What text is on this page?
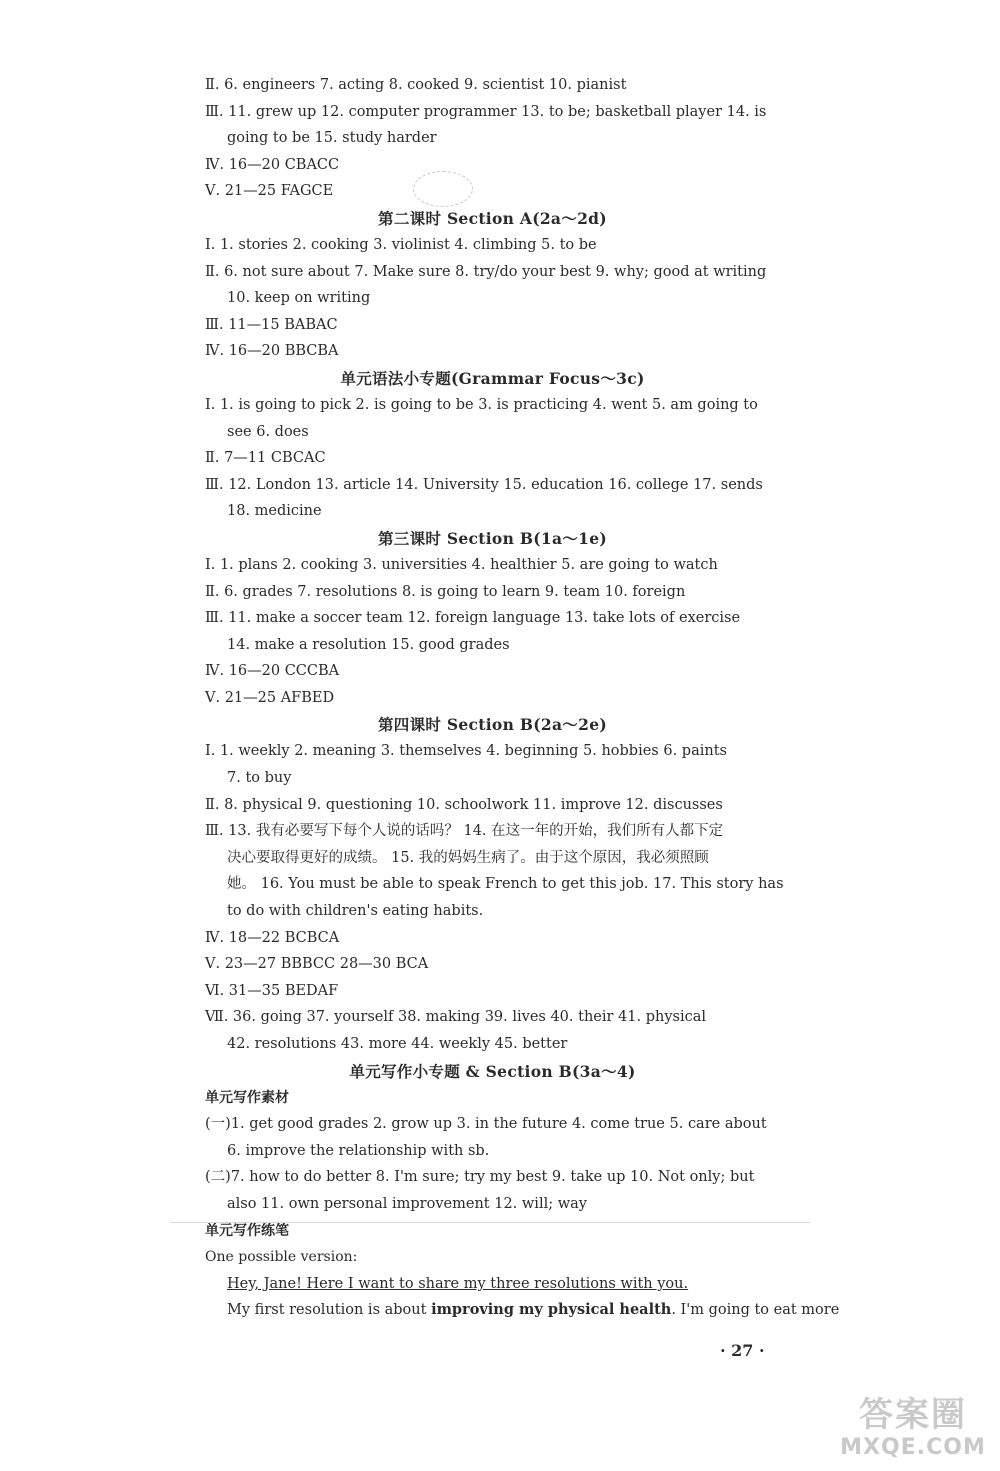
Ⅱ. 6. engineers 7. acting 8. cooked 9. scientist 10. pianist
Ⅲ. 11. grew up 12. computer programmer 13. to be; basketball player 14. is
going to be 15. study harder
Ⅳ. 16—20 CBACC
Ⅴ. 21—25 FAGCE
第二课时 Section A(2a～2d)
Ⅰ. 1. stories 2. cooking 3. violinist 4. climbing 5. to be
Ⅱ. 6. not sure about 7. Make sure 8. try/do your best 9. why; good at writing
10. keep on writing
Ⅲ. 11—15 BABAC
Ⅳ. 16—20 BBCBA
单元语法小专题(Grammar Focus～3c)
Ⅰ. 1. is going to pick 2. is going to be 3. is practicing 4. went 5. am going to
see 6. does
Ⅱ. 7—11 CBCAC
Ⅲ. 12. London 13. article 14. University 15. education 16. college 17. sends
18. medicine
第三课时 Section B(1a～1e)
Ⅰ. 1. plans 2. cooking 3. universities 4. healthier 5. are going to watch
Ⅱ. 6. grades 7. resolutions 8. is going to learn 9. team 10. foreign
Ⅲ. 11. make a soccer team 12. foreign language 13. take lots of exercise
14. make a resolution 15. good grades
Ⅳ. 16—20 CCCBA
Ⅴ. 21—25 AFBED
第四课时 Section B(2a～2e)
Ⅰ. 1. weekly 2. meaning 3. themselves 4. beginning 5. hobbies 6. paints
7. to buy
Ⅱ. 8. physical 9. questioning 10. schoolwork 11. improve 12. discusses
Ⅲ. 13. 我有必要写下每个人说的话吗？ 14. 在这一年的开始，我们所有人都下定
决心要取得更好的成绩。 15. 我的妈妈生病了。由于这个原因，我必须照顾
她。 16. You must be able to speak French to get this job. 17. This story has
to do with children's eating habits.
Ⅳ. 18—22 BCBCA
Ⅴ. 23—27 BBBCC 28—30 BCA
Ⅵ. 31—35 BEDAF
Ⅶ. 36. going 37. yourself 38. making 39. lives 40. their 41. physical
42. resolutions 43. more 44. weekly 45. better
单元写作小专题 & Section B(3a～4)
单元写作素材
(一)1. get good grades 2. grow up 3. in the future 4. come true 5. care about
6. improve the relationship with sb.
(二)7. how to do better 8. I'm sure; try my best 9. take up 10. Not only; but
also 11. own personal improvement 12. will; way
单元写作练笔
One possible version:
Hey, Jane! Here I want to share my three resolutions with you.
My first resolution is about improving my physical health. I'm going to eat more
· 27 ·
答案圈
MXQE.COM
